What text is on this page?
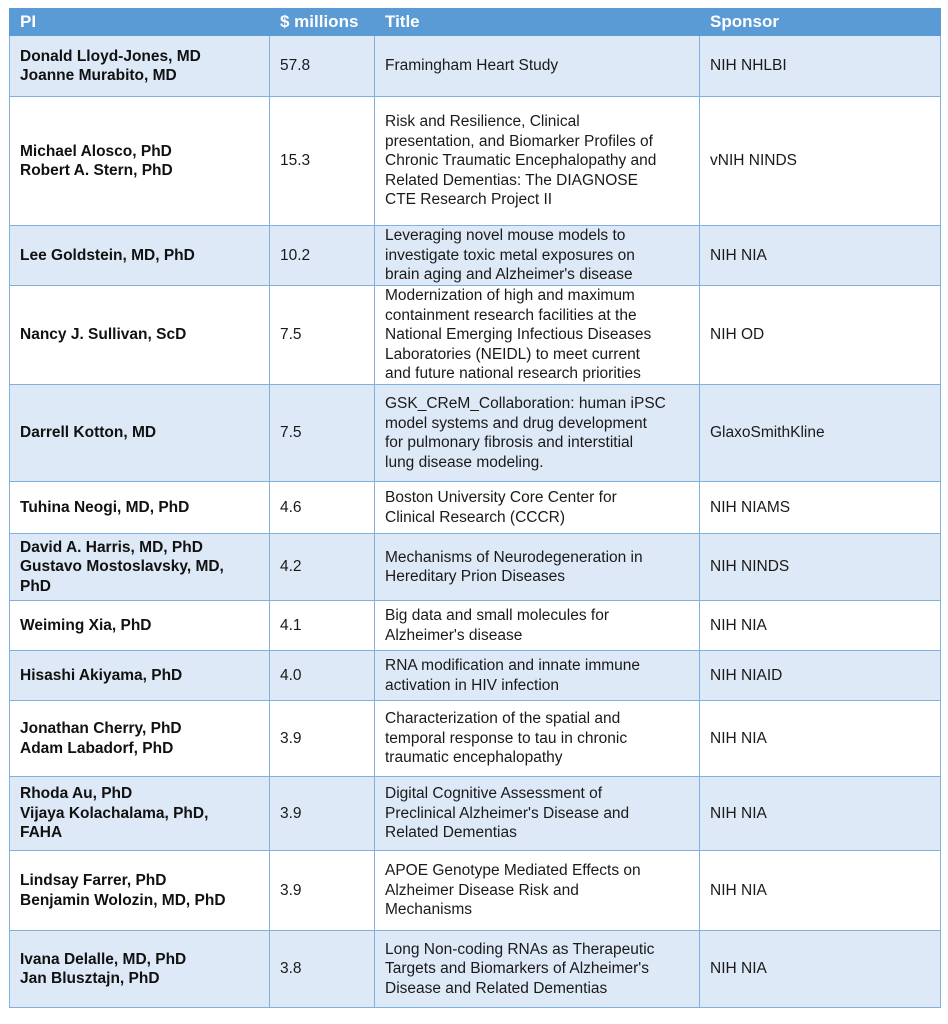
PI	$ millions	Title	Sponsor

Donald Lloyd-Jones, MD
Joanne Murabito, MD	57.8	Framingham Heart Study	NIH NHLBI

Michael Alosco, PhD
Robert A. Stern, PhD	15.3	Risk and Resilience, Clinical
presentation, and Biomarker Profiles of
Chronic Traumatic Encephalopathy and
Related Dementias: The DIAGNOSE
CTE Research Project II	vNIH NINDS

Lee Goldstein, MD, PhD	10.2	Leveraging novel mouse models to
investigate toxic metal exposures on
brain aging and Alzheimer's disease	NIH NIA

Nancy J. Sullivan, ScD	7.5	Modernization of high and maximum
containment research facilities at the
National Emerging Infectious Diseases
Laboratories (NEIDL) to meet current
and future national research priorities	NIH OD

Darrell Kotton, MD	7.5	GSK_CReM_Collaboration: human iPSC
model systems and drug development
for pulmonary fibrosis and interstitial
lung disease modeling.	GlaxoSmithKline

Tuhina Neogi, MD, PhD	4.6	Boston University Core Center for
Clinical Research (CCCR)	NIH NIAMS

David A. Harris, MD, PhD
Gustavo Mostoslavsky, MD,
PhD	4.2	Mechanisms of Neurodegeneration in
Hereditary Prion Diseases	NIH NINDS

Weiming Xia, PhD	4.1	Big data and small molecules for
Alzheimer's disease	NIH NIA

Hisashi Akiyama, PhD	4.0	RNA modification and innate immune
activation in HIV infection	NIH NIAID

Jonathan Cherry, PhD
Adam Labadorf, PhD	3.9	Characterization of the spatial and
temporal response to tau in chronic
traumatic encephalopathy	NIH NIA

Rhoda Au, PhD
Vijaya Kolachalama, PhD,
FAHA	3.9	Digital Cognitive Assessment of
Preclinical Alzheimer's Disease and
Related Dementias	NIH NIA

Lindsay Farrer, PhD
Benjamin Wolozin, MD, PhD	3.9	APOE Genotype Mediated Effects on
Alzheimer Disease Risk and
Mechanisms	NIH NIA

Ivana Delalle, MD, PhD
Jan Blusztajn, PhD	3.8	Long Non-coding RNAs as Therapeutic
Targets and Biomarkers of Alzheimer's
Disease and Related Dementias	NIH NIA
